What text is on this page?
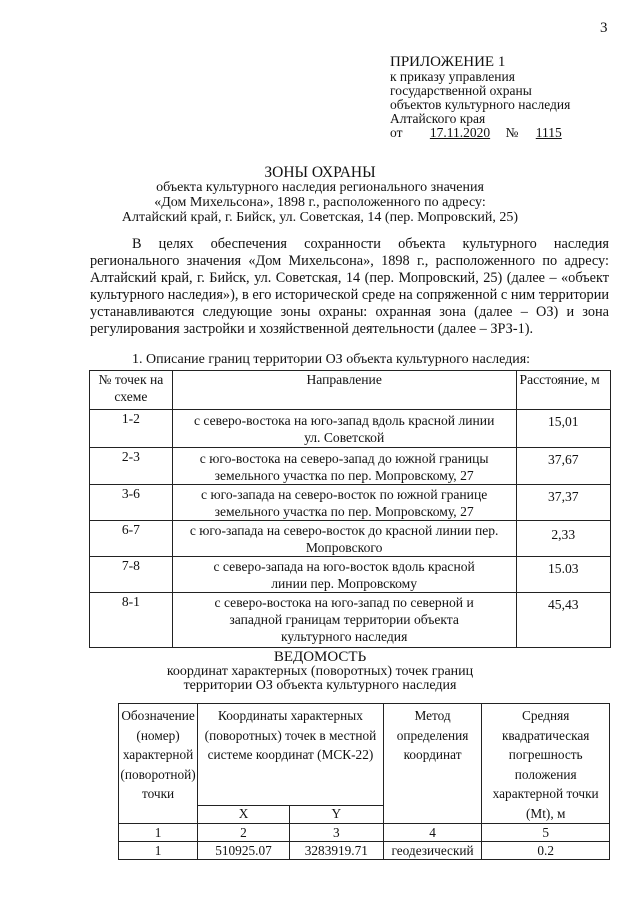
3
ПРИЛОЖЕНИЕ 1
к приказу управления
государственной охраны
объектов культурного наследия
Алтайского края
от 17.11.2020 № 1115
ЗОНЫ ОХРАНЫ
объекта культурного наследия регионального значения
«Дом Михельсона», 1898 г., расположенного по адресу:
Алтайский край, г. Бийск, ул. Советская, 14 (пер. Мопровский, 25)

В целях обеспечения сохранности объекта культурного наследия регионального значения «Дом Михельсона», 1898 г., расположенного по адресу: Алтайский край, г. Бийск, ул. Советская, 14 (пер. Мопровский, 25) (далее – «объект культурного наследия»), в его исторической среде на сопряженной с ним территории устанавливаются следующие зоны охраны: охранная зона (далее – ОЗ) и зона регулирования застройки и хозяйственной деятельности (далее – ЗРЗ-1).

1. Описание границ территории ОЗ объекта культурного наследия:
№ точек на схеме	Направление	Расстояние, м
1-2	с северо-востока на юго-запад вдоль красной линии ул. Советской	15,01
2-3	с юго-востока на северо-запад до южной границы земельного участка по пер. Мопровскому, 27	37,67
3-6	с юго-запада на северо-восток по южной границе земельного участка по пер. Мопровскому, 27	37,37
6-7	с юго-запада на северо-восток до красной линии пер. Мопровского	2,33
7-8	с северо-запада на юго-восток вдоль красной линии пер. Мопровскому	15.03
8-1	с северо-востока на юго-запад по северной и западной границам территории объекта культурного наследия	45,43
ВЕДОМОСТЬ
координат характерных (поворотных) точек границ
территории ОЗ объекта культурного наследия
Обозначение (номер) характерной (поворотной) точки	Координаты характерных (поворотных) точек в местной системе координат (МСК-22)		Метод определения координат	Средняя квадратическая погрешность положения характерной точки (Mt), м
	X	Y		
1	2	3	4	5
1	510925.07	3283919.71	геодезический	0.2
